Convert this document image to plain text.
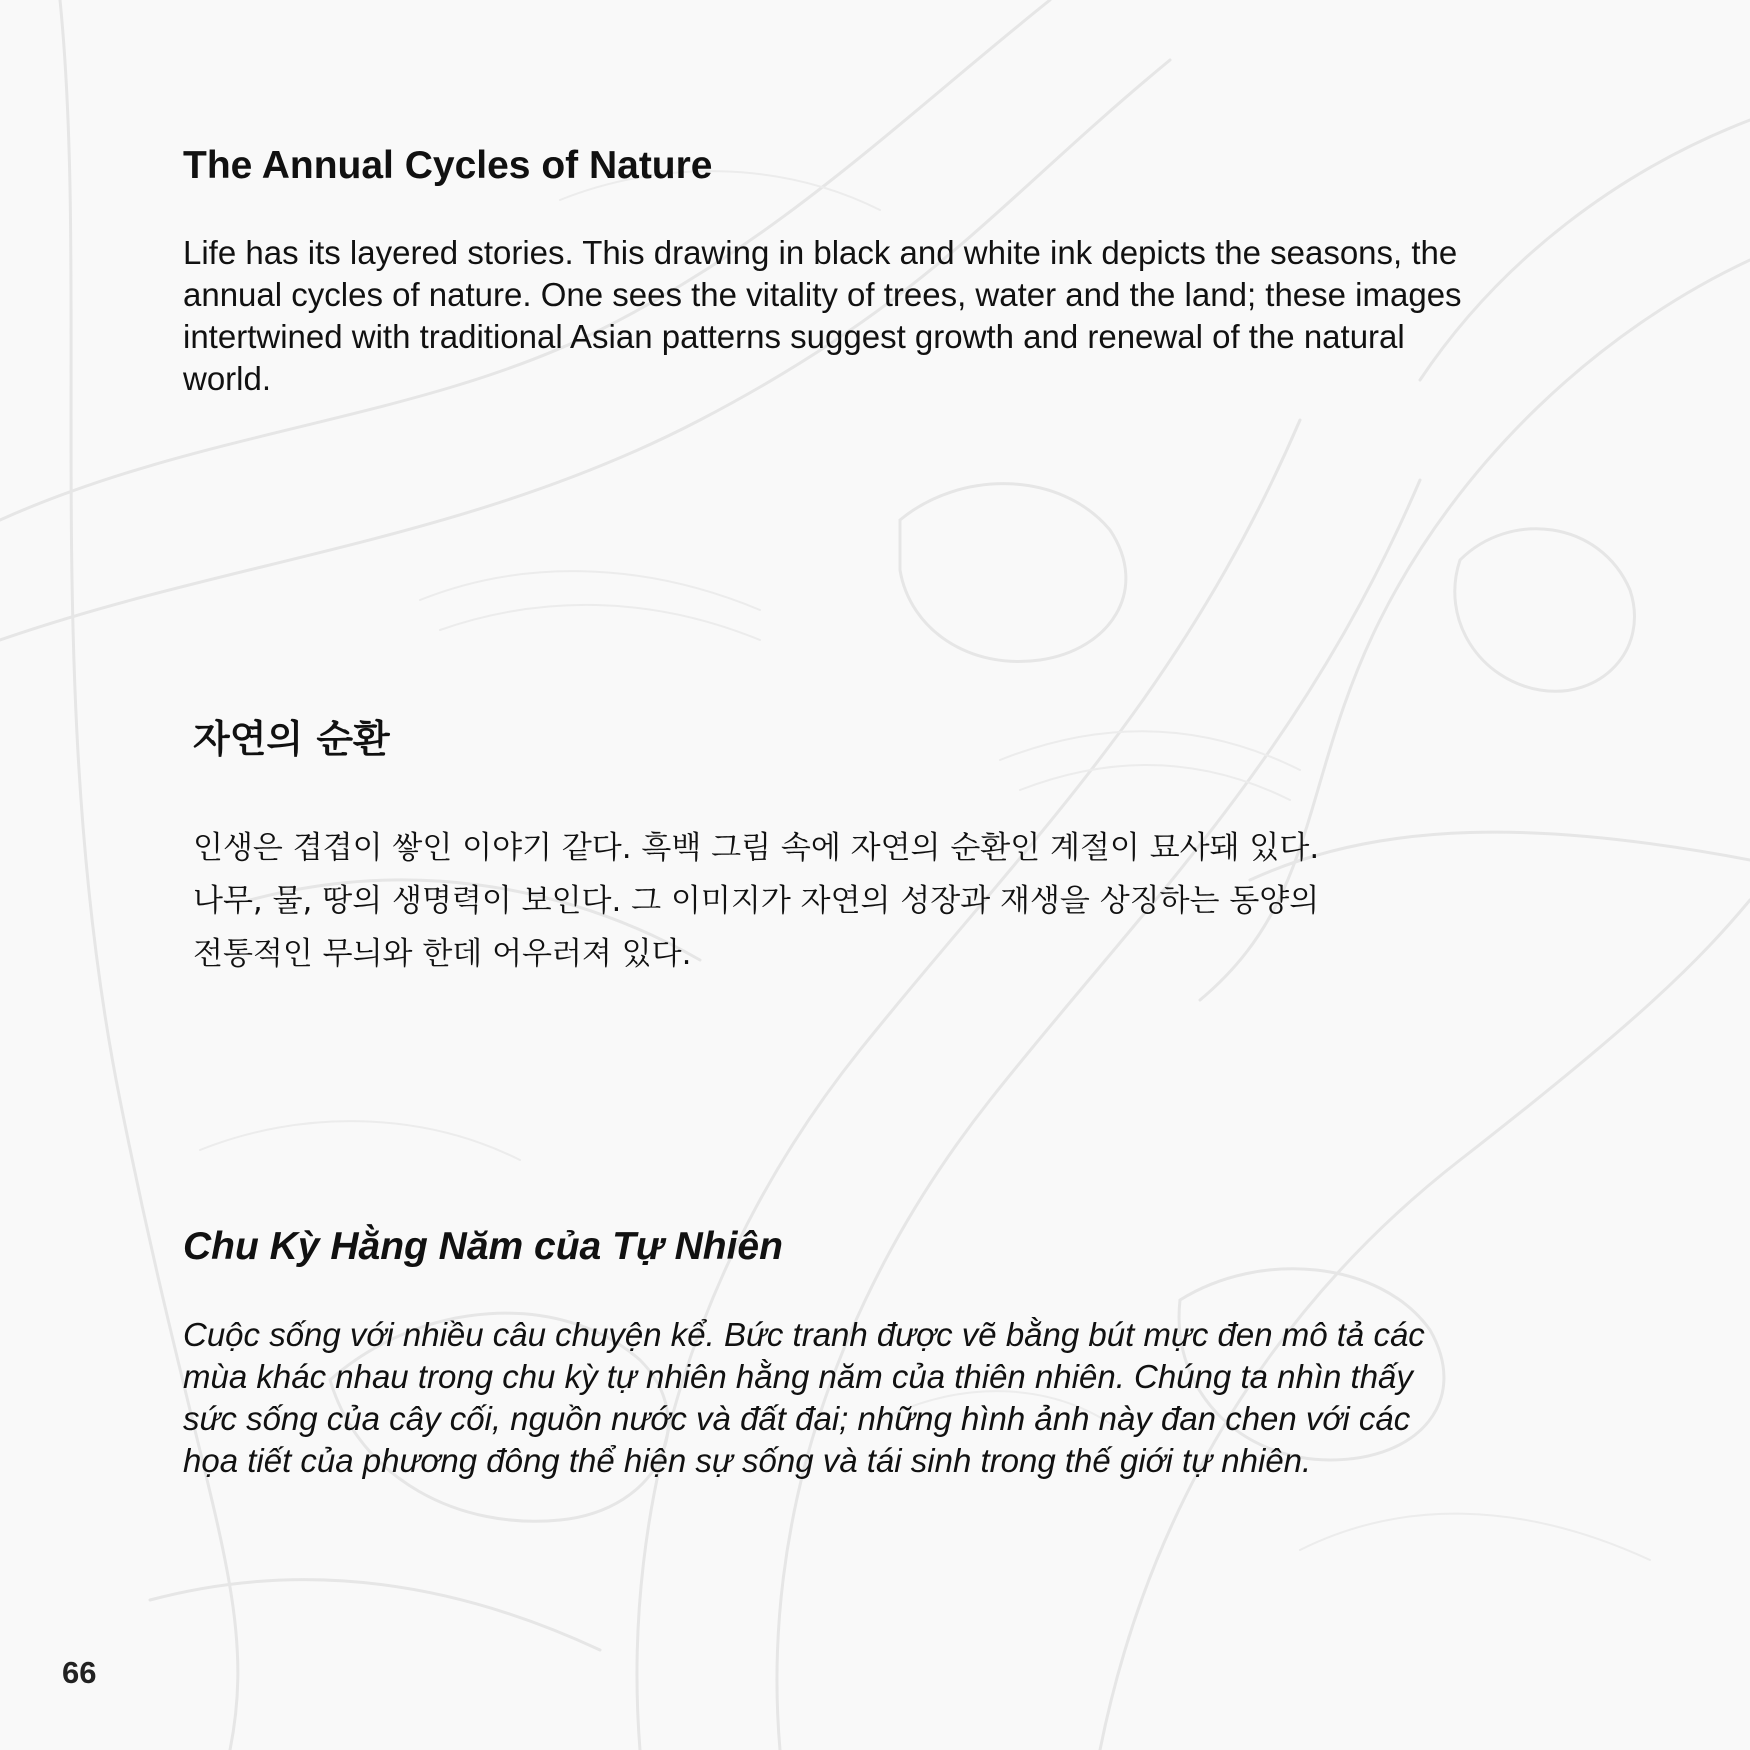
The Annual Cycles of Nature
Life has its layered stories. This drawing in black and white ink depicts the seasons, the
annual cycles of nature. One sees the vitality of trees, water and the land; these images
intertwined with traditional Asian patterns suggest growth and renewal of the natural
world.
자연의 순환
인생은 겹겹이 쌓인 이야기 같다. 흑백 그림 속에 자연의 순환인 계절이 묘사돼 있다.
나무, 물, 땅의 생명력이 보인다. 그 이미지가 자연의 성장과 재생을 상징하는 동양의
전통적인 무늬와 한데 어우러져 있다.
Chu Kỳ Hằng Năm của Tự Nhiên
Cuộc sống với nhiều câu chuyện kể. Bức tranh được vẽ bằng bút mực đen mô tả các
mùa khác nhau trong chu kỳ tự nhiên hằng năm của thiên nhiên. Chúng ta nhìn thấy
sức sống của cây cối, nguồn nước và đất đai; những hình ảnh này đan chen với các
họa tiết của phương đông thể hiện sự sống và tái sinh trong thế giới tự nhiên.
66
